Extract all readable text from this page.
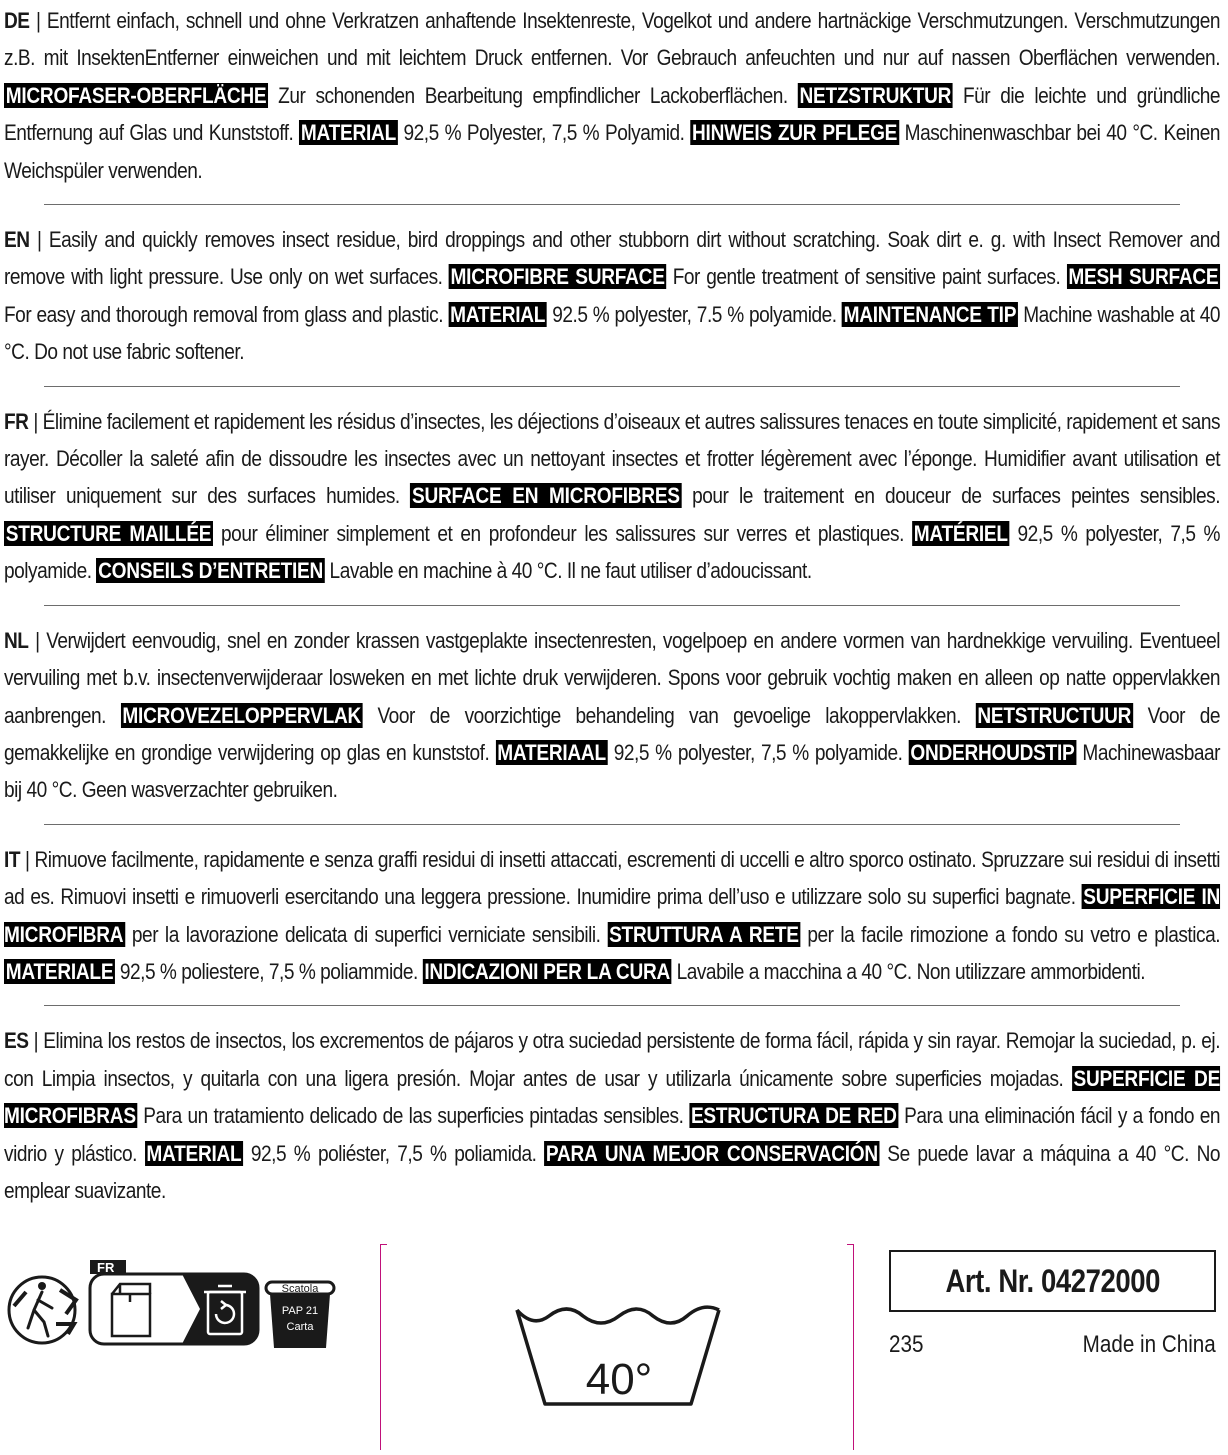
DE | Entfernt einfach, schnell und ohne Verkratzen anhaftende Insektenreste, Vogelkot und andere hartnäckige Verschmutzungen. Verschmutzungen z.B. mit InsektenEntferner einweichen und mit leichtem Druck entfernen. Vor Gebrauch anfeuchten und nur auf nassen Oberflächen verwenden. MICROFASER-OBERFLÄCHE Zur schonenden Bearbeitung empfindlicher Lackoberflächen. NETZSTRUKTUR Für die leichte und gründliche Entfernung auf Glas und Kunststoff. MATERIAL 92,5 % Polyester, 7,5 % Polyamid. HINWEIS ZUR PFLEGE Maschinenwaschbar bei 40 °C. Keinen Weichspüler verwenden.

EN | Easily and quickly removes insect residue, bird droppings and other stubborn dirt without scratching. Soak dirt e. g. with Insect Remover and remove with light pressure. Use only on wet surfaces. MICROFIBRE SURFACE For gentle treatment of sensitive paint surfaces. MESH SURFACE For easy and thorough removal from glass and plastic. MATERIAL 92.5 % polyester, 7.5 % polyamide. MAINTENANCE TIP Machine washable at 40 °C. Do not use fabric softener.

FR | Élimine facilement et rapidement les résidus d’insectes, les déjections d’oiseaux et autres salissures tenaces en toute simplicité, rapidement et sans rayer. Décoller la saleté afin de dissoudre les insectes avec un nettoyant insectes et frotter légèrement avec l’éponge. Humidifier avant utilisation et utiliser uniquement sur des surfaces humides. SURFACE EN MICROFIBRES pour le traitement en douceur de surfaces peintes sensibles. STRUCTURE MAILLÉE pour éliminer simplement et en profondeur les salissures sur verres et plastiques. MATÉRIEL 92,5 % polyester, 7,5 % polyamide. CONSEILS D’ENTRETIEN Lavable en machine à 40 °C. Il ne faut utiliser d’adoucissant.

NL | Verwijdert eenvoudig, snel en zonder krassen vastgeplakte insectenresten, vogelpoep en andere vormen van hardnekkige vervuiling. Eventueel vervuiling met b.v. insectenverwijderaar losweken en met lichte druk verwijderen. Spons voor gebruik vochtig maken en alleen op natte oppervlakken aanbrengen. MICROVEZELOPPERVLAK Voor de voorzichtige behandeling van gevoelige lakoppervlakken. NETSTRUCTUUR Voor de gemakkelijke en grondige verwijdering op glas en kunststof. MATERIAAL 92,5 % polyester, 7,5 % polyamide. ONDERHOUDSTIP Machinewasbaar bij 40 °C. Geen wasverzachter gebruiken.

IT | Rimuove facilmente, rapidamente e senza graffi residui di insetti attaccati, escrementi di uccelli e altro sporco ostinato. Spruzzare sui residui di insetti ad es. Rimuovi insetti e rimuoverli esercitando una leggera pressione. Inumidire prima dell’uso e utilizzare solo su superfici bagnate. SUPERFICIE IN MICROFIBRA per la lavorazione delicata di superfici verniciate sensibili. STRUTTURA A RETE per la facile rimozione a fondo su vetro e plastica. MATERIALE 92,5 % poliestere, 7,5 % poliammide. INDICAZIONI PER LA CURA Lavabile a macchina a 40 °C. Non utilizzare ammorbidenti.

ES | Elimina los restos de insectos, los excrementos de pájaros y otra suciedad persistente de forma fácil, rápida y sin rayar. Remojar la suciedad, p. ej. con Limpia insectos, y quitarla con una ligera presión. Mojar antes de usar y utilizarla únicamente sobre superficies mojadas. SUPERFICIE DE MICROFIBRAS Para un tratamiento delicado de las superficies pintadas sensibles. ESTRUCTURA DE RED Para una eliminación fácil y a fondo en vidrio y plástico. MATERIAL 92,5 % poliéster, 7,5 % poliamida. PARA UNA MEJOR CONSERVACIÓN Se puede lavar a máquina a 40 °C. No emplear suavizante.

FR
Scatola
PAP 21
Carta
40°
Art. Nr. 04272000
235	Made in China
